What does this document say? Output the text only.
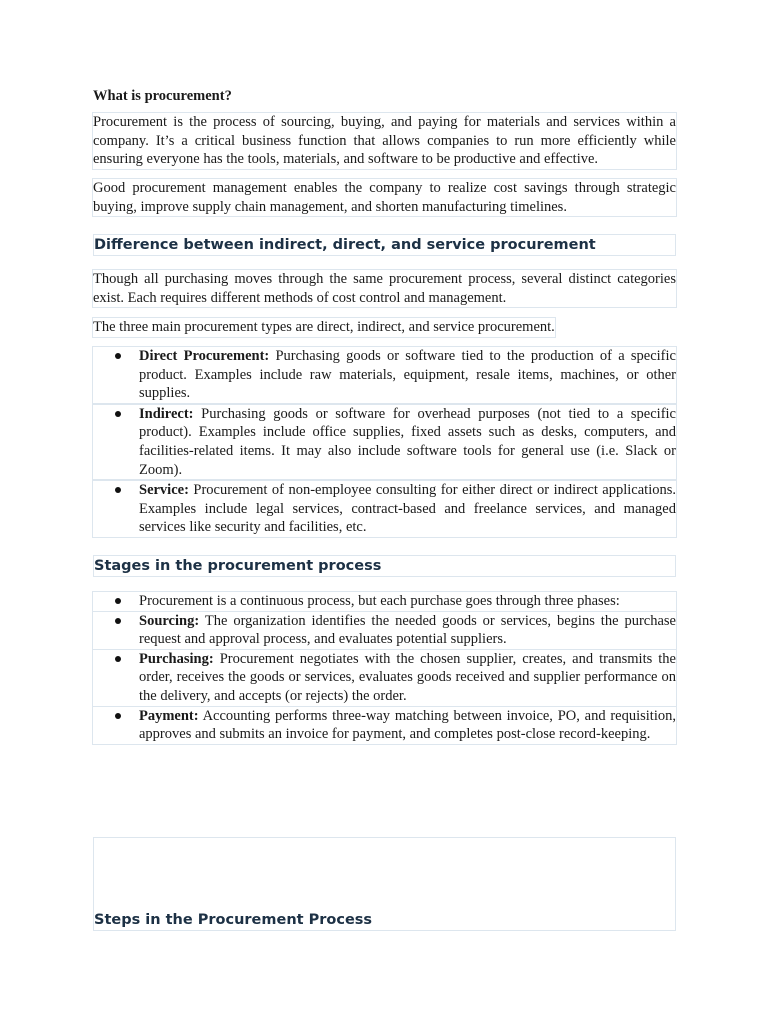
What is procurement?

Procurement is the process of sourcing, buying, and paying for materials and services within a company. It’s a critical business function that allows companies to run more efficiently while ensuring everyone has the tools, materials, and software to be productive and effective.

Good procurement management enables the company to realize cost savings through strategic buying, improve supply chain management, and shorten manufacturing timelines.

Difference between indirect, direct, and service procurement

Though all purchasing moves through the same procurement process, several distinct categories exist. Each requires different methods of cost control and management.

The three main procurement types are direct, indirect, and service procurement.

Direct Procurement: Purchasing goods or software tied to the production of a specific product. Examples include raw materials, equipment, resale items, machines, or other supplies.
Indirect: Purchasing goods or software for overhead purposes (not tied to a specific product). Examples include office supplies, fixed assets such as desks, computers, and facilities-related items. It may also include software tools for general use (i.e. Slack or Zoom).
Service: Procurement of non-employee consulting for either direct or indirect applications. Examples include legal services, contract-based and freelance services, and managed services like security and facilities, etc.
Stages in the procurement process
Procurement is a continuous process, but each purchase goes through three phases:
Sourcing: The organization identifies the needed goods or services, begins the purchase request and approval process, and evaluates potential suppliers.
Purchasing: Procurement negotiates with the chosen supplier, creates, and transmits the order, receives the goods or services, evaluates goods received and supplier performance on the delivery, and accepts (or rejects) the order.
Payment: Accounting performs three-way matching between invoice, PO, and requisition, approves and submits an invoice for payment, and completes post-close record-keeping.
Steps in the Procurement Process
